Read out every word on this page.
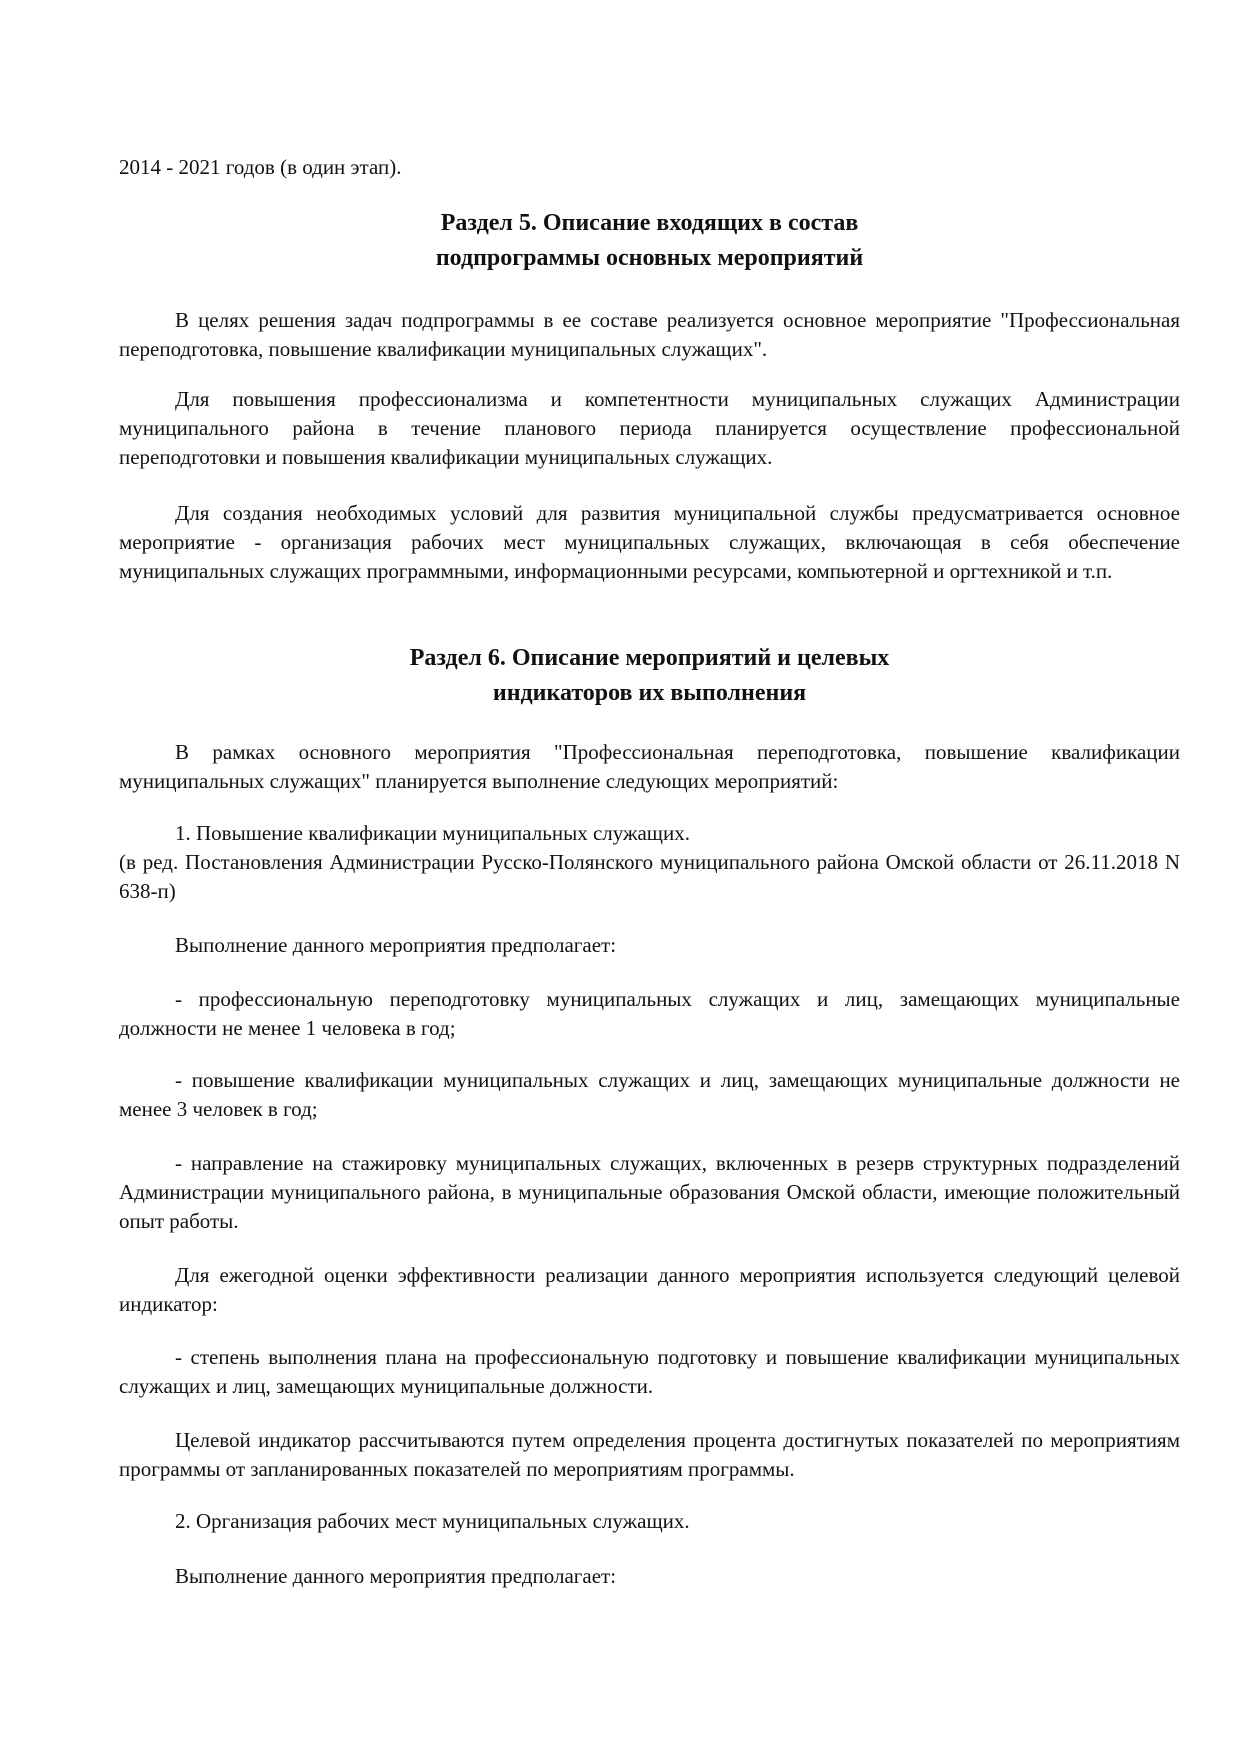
2014 - 2021 годов (в один этап).
Раздел 5. Описание входящих в состав
подпрограммы основных мероприятий
В целях решения задач подпрограммы в ее составе реализуется основное мероприятие "Профессиональная переподготовка, повышение квалификации муниципальных служащих".
Для повышения профессионализма и компетентности муниципальных служащих Администрации муниципального района в течение планового периода планируется осуществление профессиональной переподготовки и повышения квалификации муниципальных служащих.
Для создания необходимых условий для развития муниципальной службы предусматривается основное мероприятие - организация рабочих мест муниципальных служащих, включающая в себя обеспечение муниципальных служащих программными, информационными ресурсами, компьютерной и оргтехникой и т.п.
Раздел 6. Описание мероприятий и целевых
индикаторов их выполнения
В рамках основного мероприятия "Профессиональная переподготовка, повышение квалификации муниципальных служащих" планируется выполнение следующих мероприятий:
1. Повышение квалификации муниципальных служащих.
(в ред. Постановления Администрации Русско-Полянского муниципального района Омской области от 26.11.2018 N 638-п)
Выполнение данного мероприятия предполагает:
- профессиональную переподготовку муниципальных служащих и лиц, замещающих муниципальные должности не менее 1 человека в год;
- повышение квалификации муниципальных служащих и лиц, замещающих муниципальные должности не менее 3 человек в год;
- направление на стажировку муниципальных служащих, включенных в резерв структурных подразделений Администрации муниципального района, в муниципальные образования Омской области, имеющие положительный опыт работы.
Для ежегодной оценки эффективности реализации данного мероприятия используется следующий целевой индикатор:
- степень выполнения плана на профессиональную подготовку и повышение квалификации муниципальных служащих и лиц, замещающих муниципальные должности.
Целевой индикатор рассчитываются путем определения процента достигнутых показателей по мероприятиям программы от запланированных показателей по мероприятиям программы.
2. Организация рабочих мест муниципальных служащих.
Выполнение данного мероприятия предполагает:
